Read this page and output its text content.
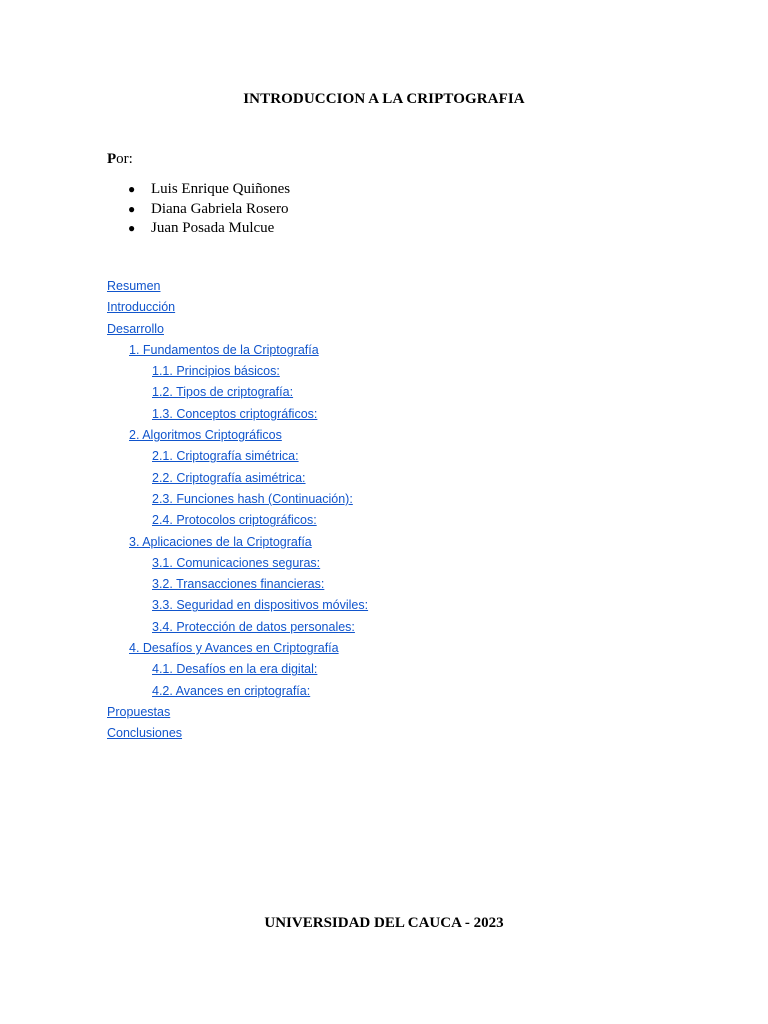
INTRODUCCION A LA CRIPTOGRAFIA
Por:
● Luis Enrique Quiñones
● Diana Gabriela Rosero
● Juan Posada Mulcue
Resumen
Introducción
Desarrollo
1. Fundamentos de la Criptografía
1.1. Principios básicos:
1.2. Tipos de criptografía:
1.3. Conceptos criptográficos:
2. Algoritmos Criptográficos
2.1. Criptografía simétrica:
2.2. Criptografía asimétrica:
2.3. Funciones hash (Continuación):
2.4. Protocolos criptográficos:
3. Aplicaciones de la Criptografía
3.1. Comunicaciones seguras:
3.2. Transacciones financieras:
3.3. Seguridad en dispositivos móviles:
3.4. Protección de datos personales:
4. Desafíos y Avances en Criptografía
4.1. Desafíos en la era digital:
4.2. Avances en criptografía:
Propuestas
Conclusiones
UNIVERSIDAD DEL CAUCA - 2023
